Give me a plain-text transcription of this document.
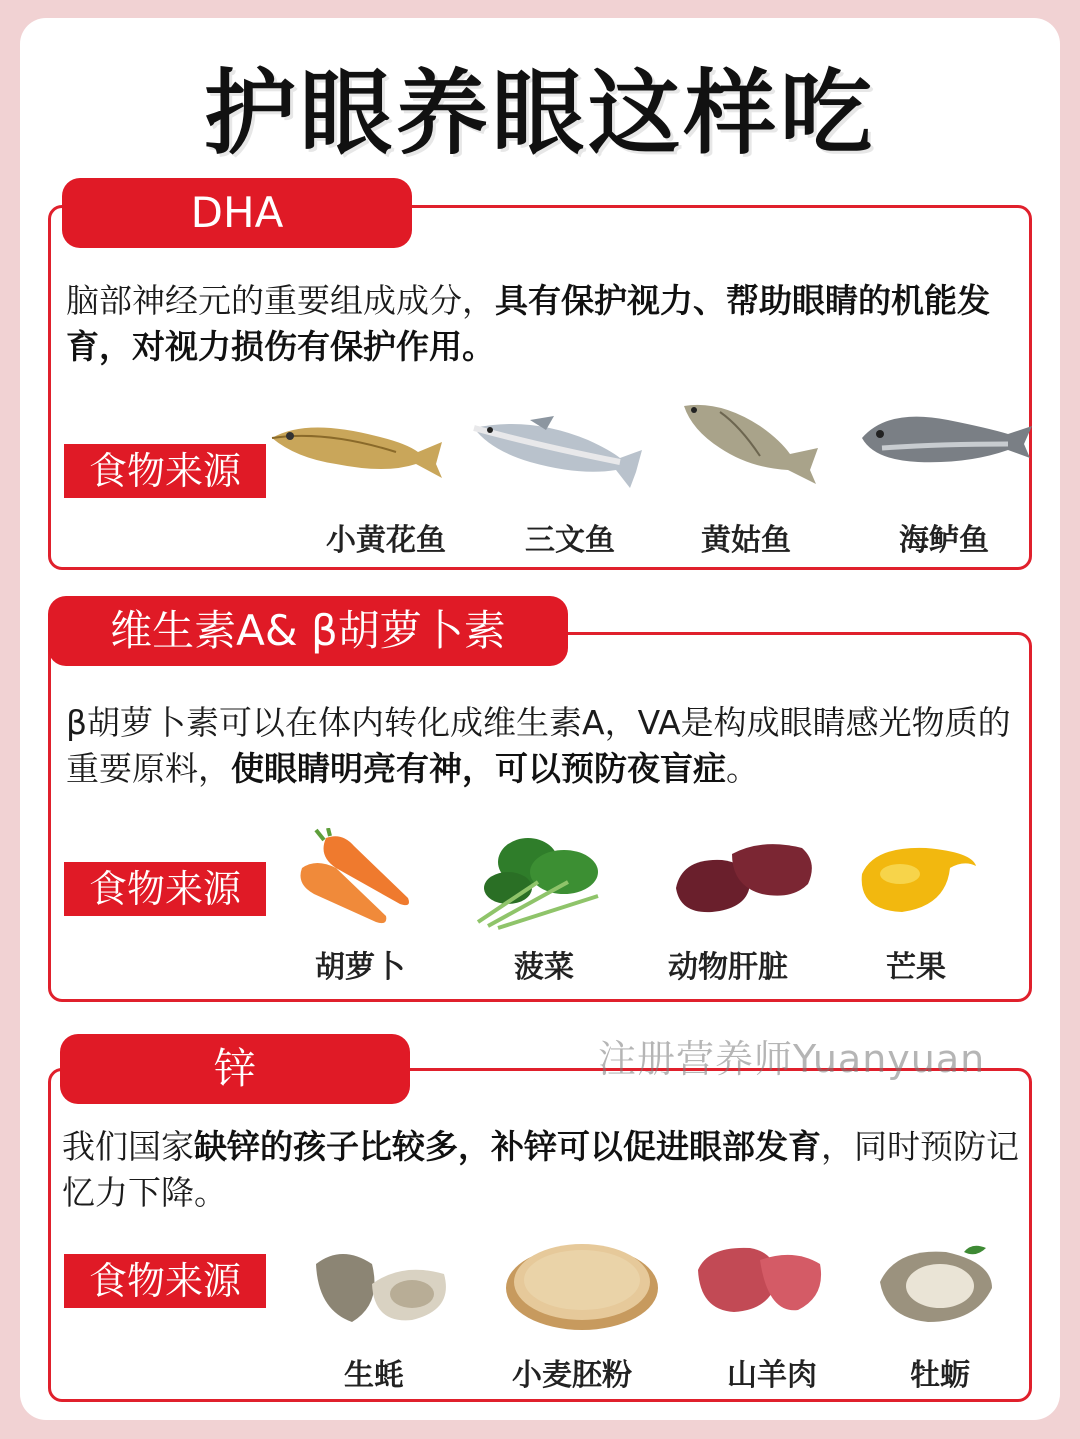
护眼养眼这样吃
DHA
脑部神经元的重要组成成分，具有保护视力、帮助眼睛的机能发育，对视力损伤有保护作用。
食物来源
小黄花鱼	三文鱼	黄姑鱼	海鲈鱼
维生素A& β胡萝卜素
β胡萝卜素可以在体内转化成维生素A，VA是构成眼睛感光物质的重要原料，使眼睛明亮有神，可以预防夜盲症。
食物来源
胡萝卜	菠菜	动物肝脏	芒果
锌	注册营养师Yuanyuan
我们国家缺锌的孩子比较多，补锌可以促进眼部发育，同时预防记忆力下降。
食物来源
生蚝	小麦胚粉	山羊肉	牡蛎
